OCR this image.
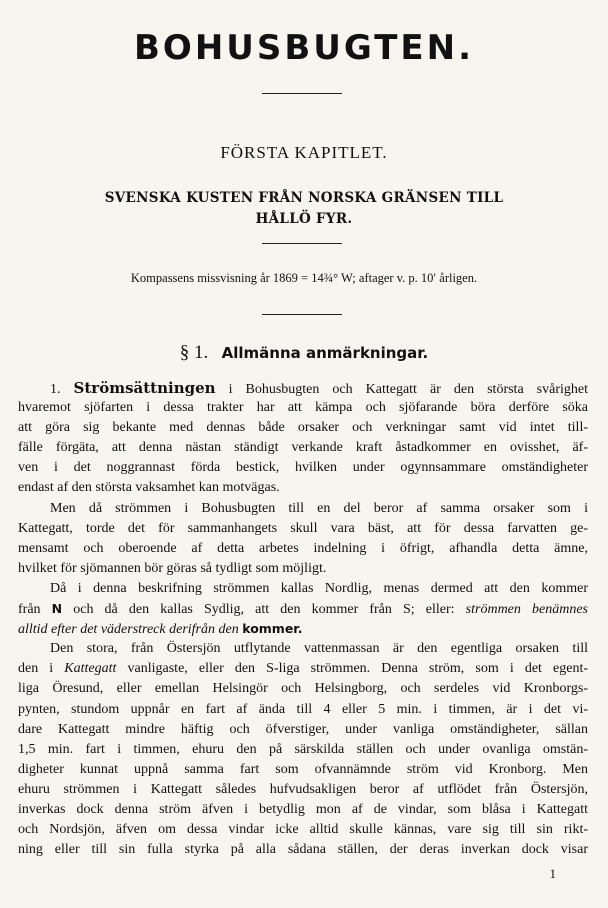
BOHUSBUGTEN.
FÖRSTA KAPITLET.
SVENSKA KUSTEN FRÅN NORSKA GRÄNSEN TILL
HÅLLÖ FYR.
Kompassens missvisning år 1869 = 14¾° W; aftager v. p. 10′ årligen.
§ 1. Allmänna anmärkningar.
1. Strömsättningen i Bohusbugten och Kattegatt är den största svårighet
hvaremot sjöfarten i dessa trakter har att kämpa och sjöfarande böra derföre söka
att göra sig bekante med dennas både orsaker och verkningar samt vid intet till-
fälle förgäta, att denna nästan ständigt verkande kraft åstadkommer en ovisshet, äf-
ven i det noggrannast förda bestick, hvilken under ogynnsammare omständigheter
endast af den största vaksamhet kan motvägas.
Men då strömmen i Bohusbugten till en del beror af samma orsaker som i
Kattegatt, torde det för sammanhangets skull vara bäst, att för dessa farvatten ge-
mensamt och oberoende af detta arbetes indelning i öfrigt, afhandla detta ämne,
hvilket för sjömannen bör göras så tydligt som möjligt.
Då i denna beskrifning strömmen kallas Nordlig, menas dermed att den kommer
från N och då den kallas Sydlig, att den kommer från S; eller: strömmen benämnes
alltid efter det väderstreck derifrån den kommer.
Den stora, från Östersjön utflytande vattenmassan är den egentliga orsaken till
den i Kattegatt vanligaste, eller den S-liga strömmen. Denna ström, som i det egent-
liga Öresund, eller emellan Helsingör och Helsingborg, och serdeles vid Kronborgs-
pynten, stundom uppnår en fart af ända till 4 eller 5 min. i timmen, är i det vi-
dare Kattegatt mindre häftig och öfverstiger, under vanliga omständigheter, sällan
1,5 min. fart i timmen, ehuru den på särskilda ställen och under ovanliga omstän-
digheter kunnat uppnå samma fart som ofvannämnde ström vid Kronborg. Men
ehuru strömmen i Kattegatt således hufvudsakligen beror af utflödet från Östersjön,
inverkas dock denna ström äfven i betydlig mon af de vindar, som blåsa i Kattegatt
och Nordsjön, äfven om dessa vindar icke alltid skulle kännas, vare sig till sin rikt-
ning eller till sin fulla styrka på alla sådana ställen, der deras inverkan dock visar
1
